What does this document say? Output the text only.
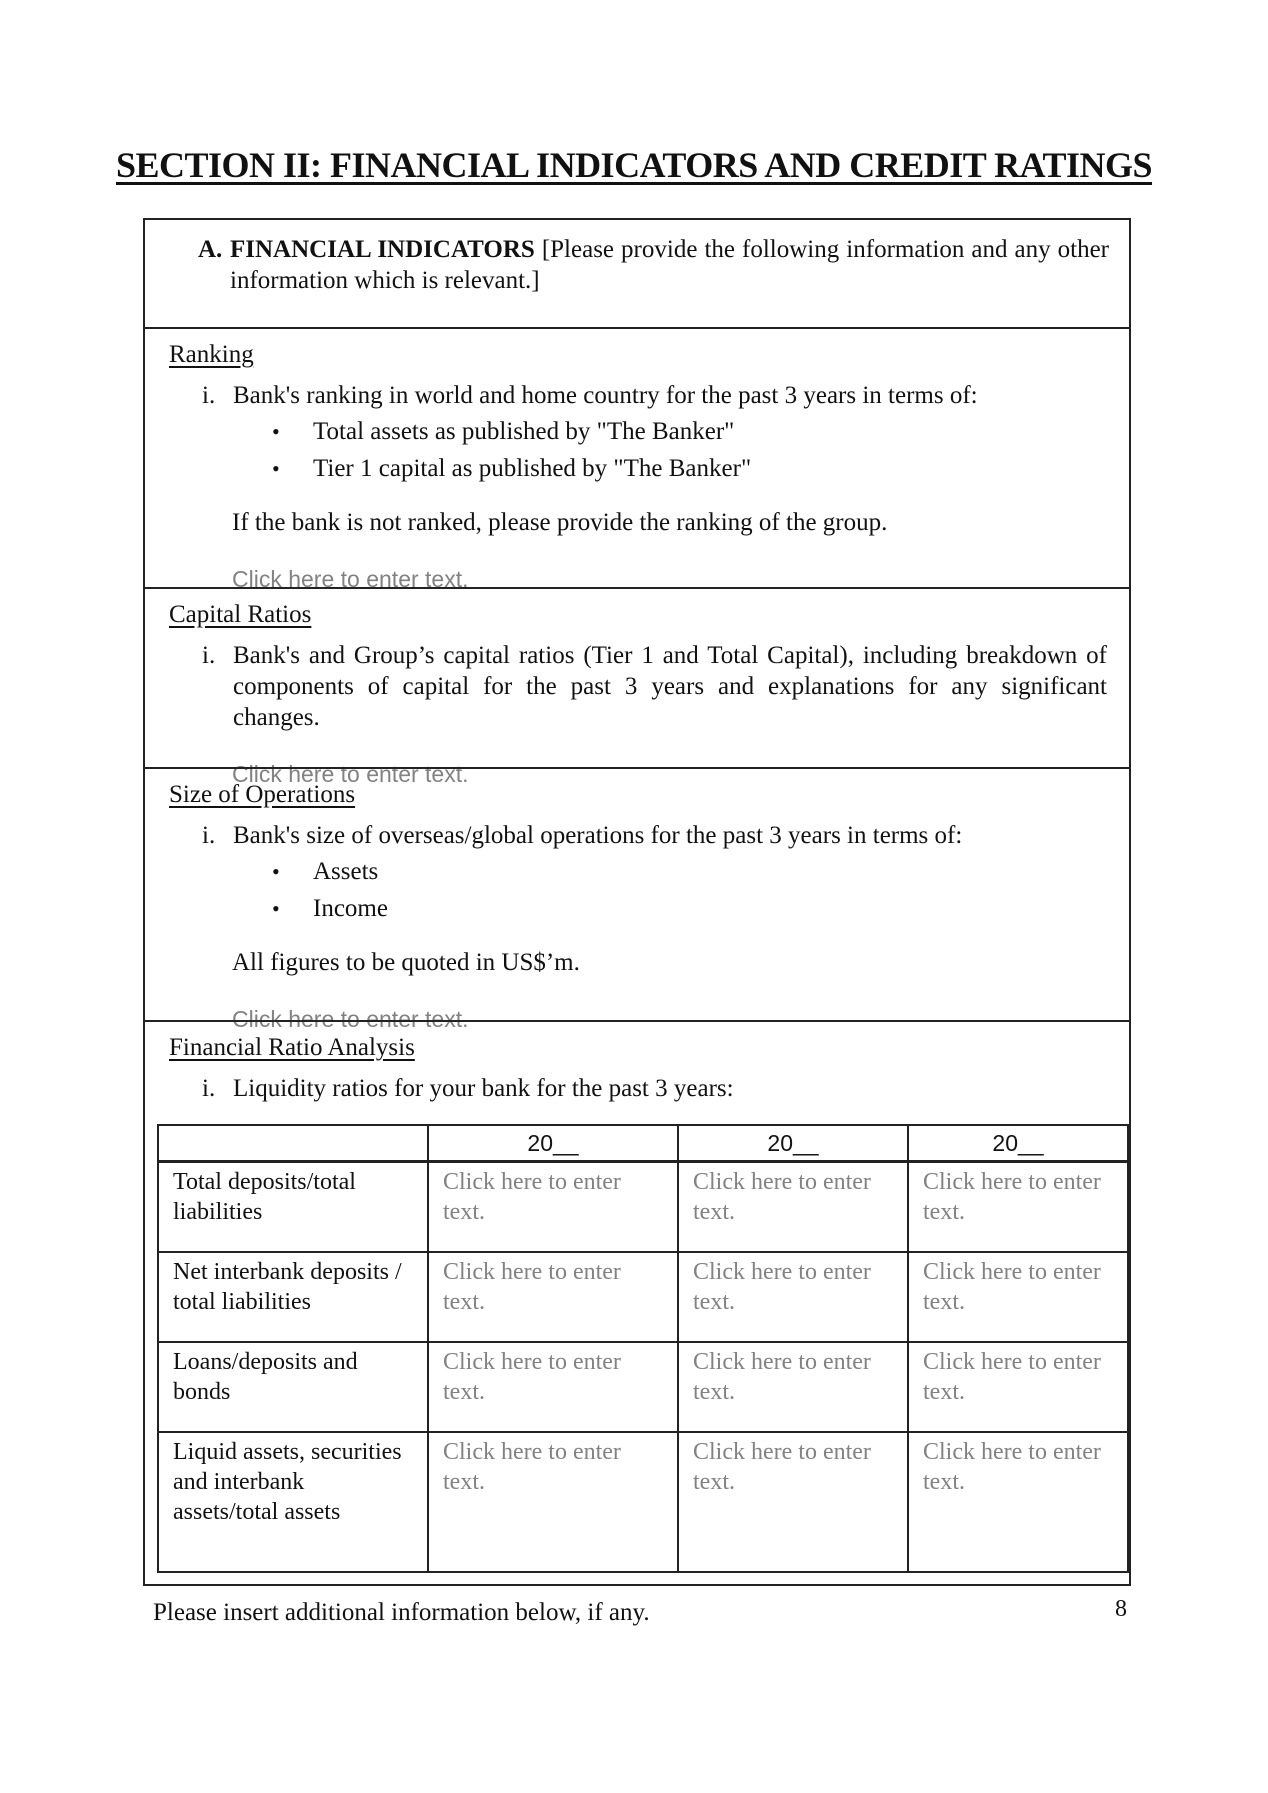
SECTION II: FINANCIAL INDICATORS AND CREDIT RATINGS
A. FINANCIAL INDICATORS [Please provide the following information and any other information which is relevant.]
Ranking
i. Bank's ranking in world and home country for the past 3 years in terms of:
•	Total assets as published by "The Banker"
•	Tier 1 capital as published by "The Banker"
If the bank is not ranked, please provide the ranking of the group.
Click here to enter text.
Capital Ratios
i. Bank's and Group’s capital ratios (Tier 1 and Total Capital), including breakdown of components of capital for the past 3 years and explanations for any significant changes.
Click here to enter text.
Size of Operations
i. Bank's size of overseas/global operations for the past 3 years in terms of:
•	Assets
•	Income
All figures to be quoted in US$’m.
Click here to enter text.
Financial Ratio Analysis
i. Liquidity ratios for your bank for the past 3 years:
	20__	20__	20__
Total deposits/total liabilities	Click here to enter text.	Click here to enter text.	Click here to enter text.
Net interbank deposits / total liabilities	Click here to enter text.	Click here to enter text.	Click here to enter text.
Loans/deposits and bonds	Click here to enter text.	Click here to enter text.	Click here to enter text.
Liquid assets, securities and interbank assets/total assets	Click here to enter text.	Click here to enter text.	Click here to enter text.
Please insert additional information below, if any.	8
